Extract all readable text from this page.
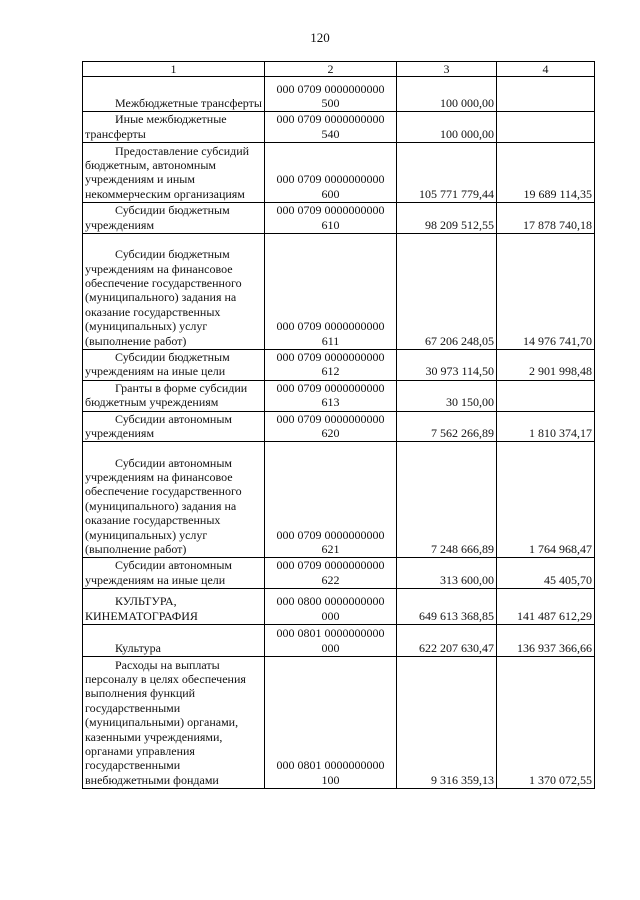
120
1	2	3	4

Межбюджетные трансферты	000 0709 0000000000
500	100 000,00	

Иные межбюджетные трансферты	000 0709 0000000000
540	100 000,00	

Предоставление субсидий бюджетным, автономным учреждениям и иным некоммерческим организациям	000 0709 0000000000
600	105 771 779,44	19 689 114,35

Субсидии бюджетным учреждениям	000 0709 0000000000
610	98 209 512,55	17 878 740,18

Субсидии бюджетным учреждениям на финансовое обеспечение государственного (муниципального) задания на оказание государственных (муниципальных) услуг (выполнение работ)	000 0709 0000000000
611	67 206 248,05	14 976 741,70

Субсидии бюджетным учреждениям на иные цели	000 0709 0000000000
612	30 973 114,50	2 901 998,48

Гранты в форме субсидии бюджетным учреждениям	000 0709 0000000000
613	30 150,00	

Субсидии автономным учреждениям	000 0709 0000000000
620	7 562 266,89	1 810 374,17

Субсидии автономным учреждениям на финансовое обеспечение государственного (муниципального) задания на оказание государственных (муниципальных) услуг (выполнение работ)	000 0709 0000000000
621	7 248 666,89	1 764 968,47

Субсидии автономным учреждениям на иные цели	000 0709 0000000000
622	313 600,00	45 405,70

КУЛЬТУРА, КИНЕМАТОГРАФИЯ	000 0800 0000000000
000	649 613 368,85	141 487 612,29

Культура	000 0801 0000000000
000	622 207 630,47	136 937 366,66

Расходы на выплаты персоналу в целях обеспечения выполнения функций государственными (муниципальными) органами, казенными учреждениями, органами управления государственными внебюджетными фондами	000 0801 0000000000
100	9 316 359,13	1 370 072,55
